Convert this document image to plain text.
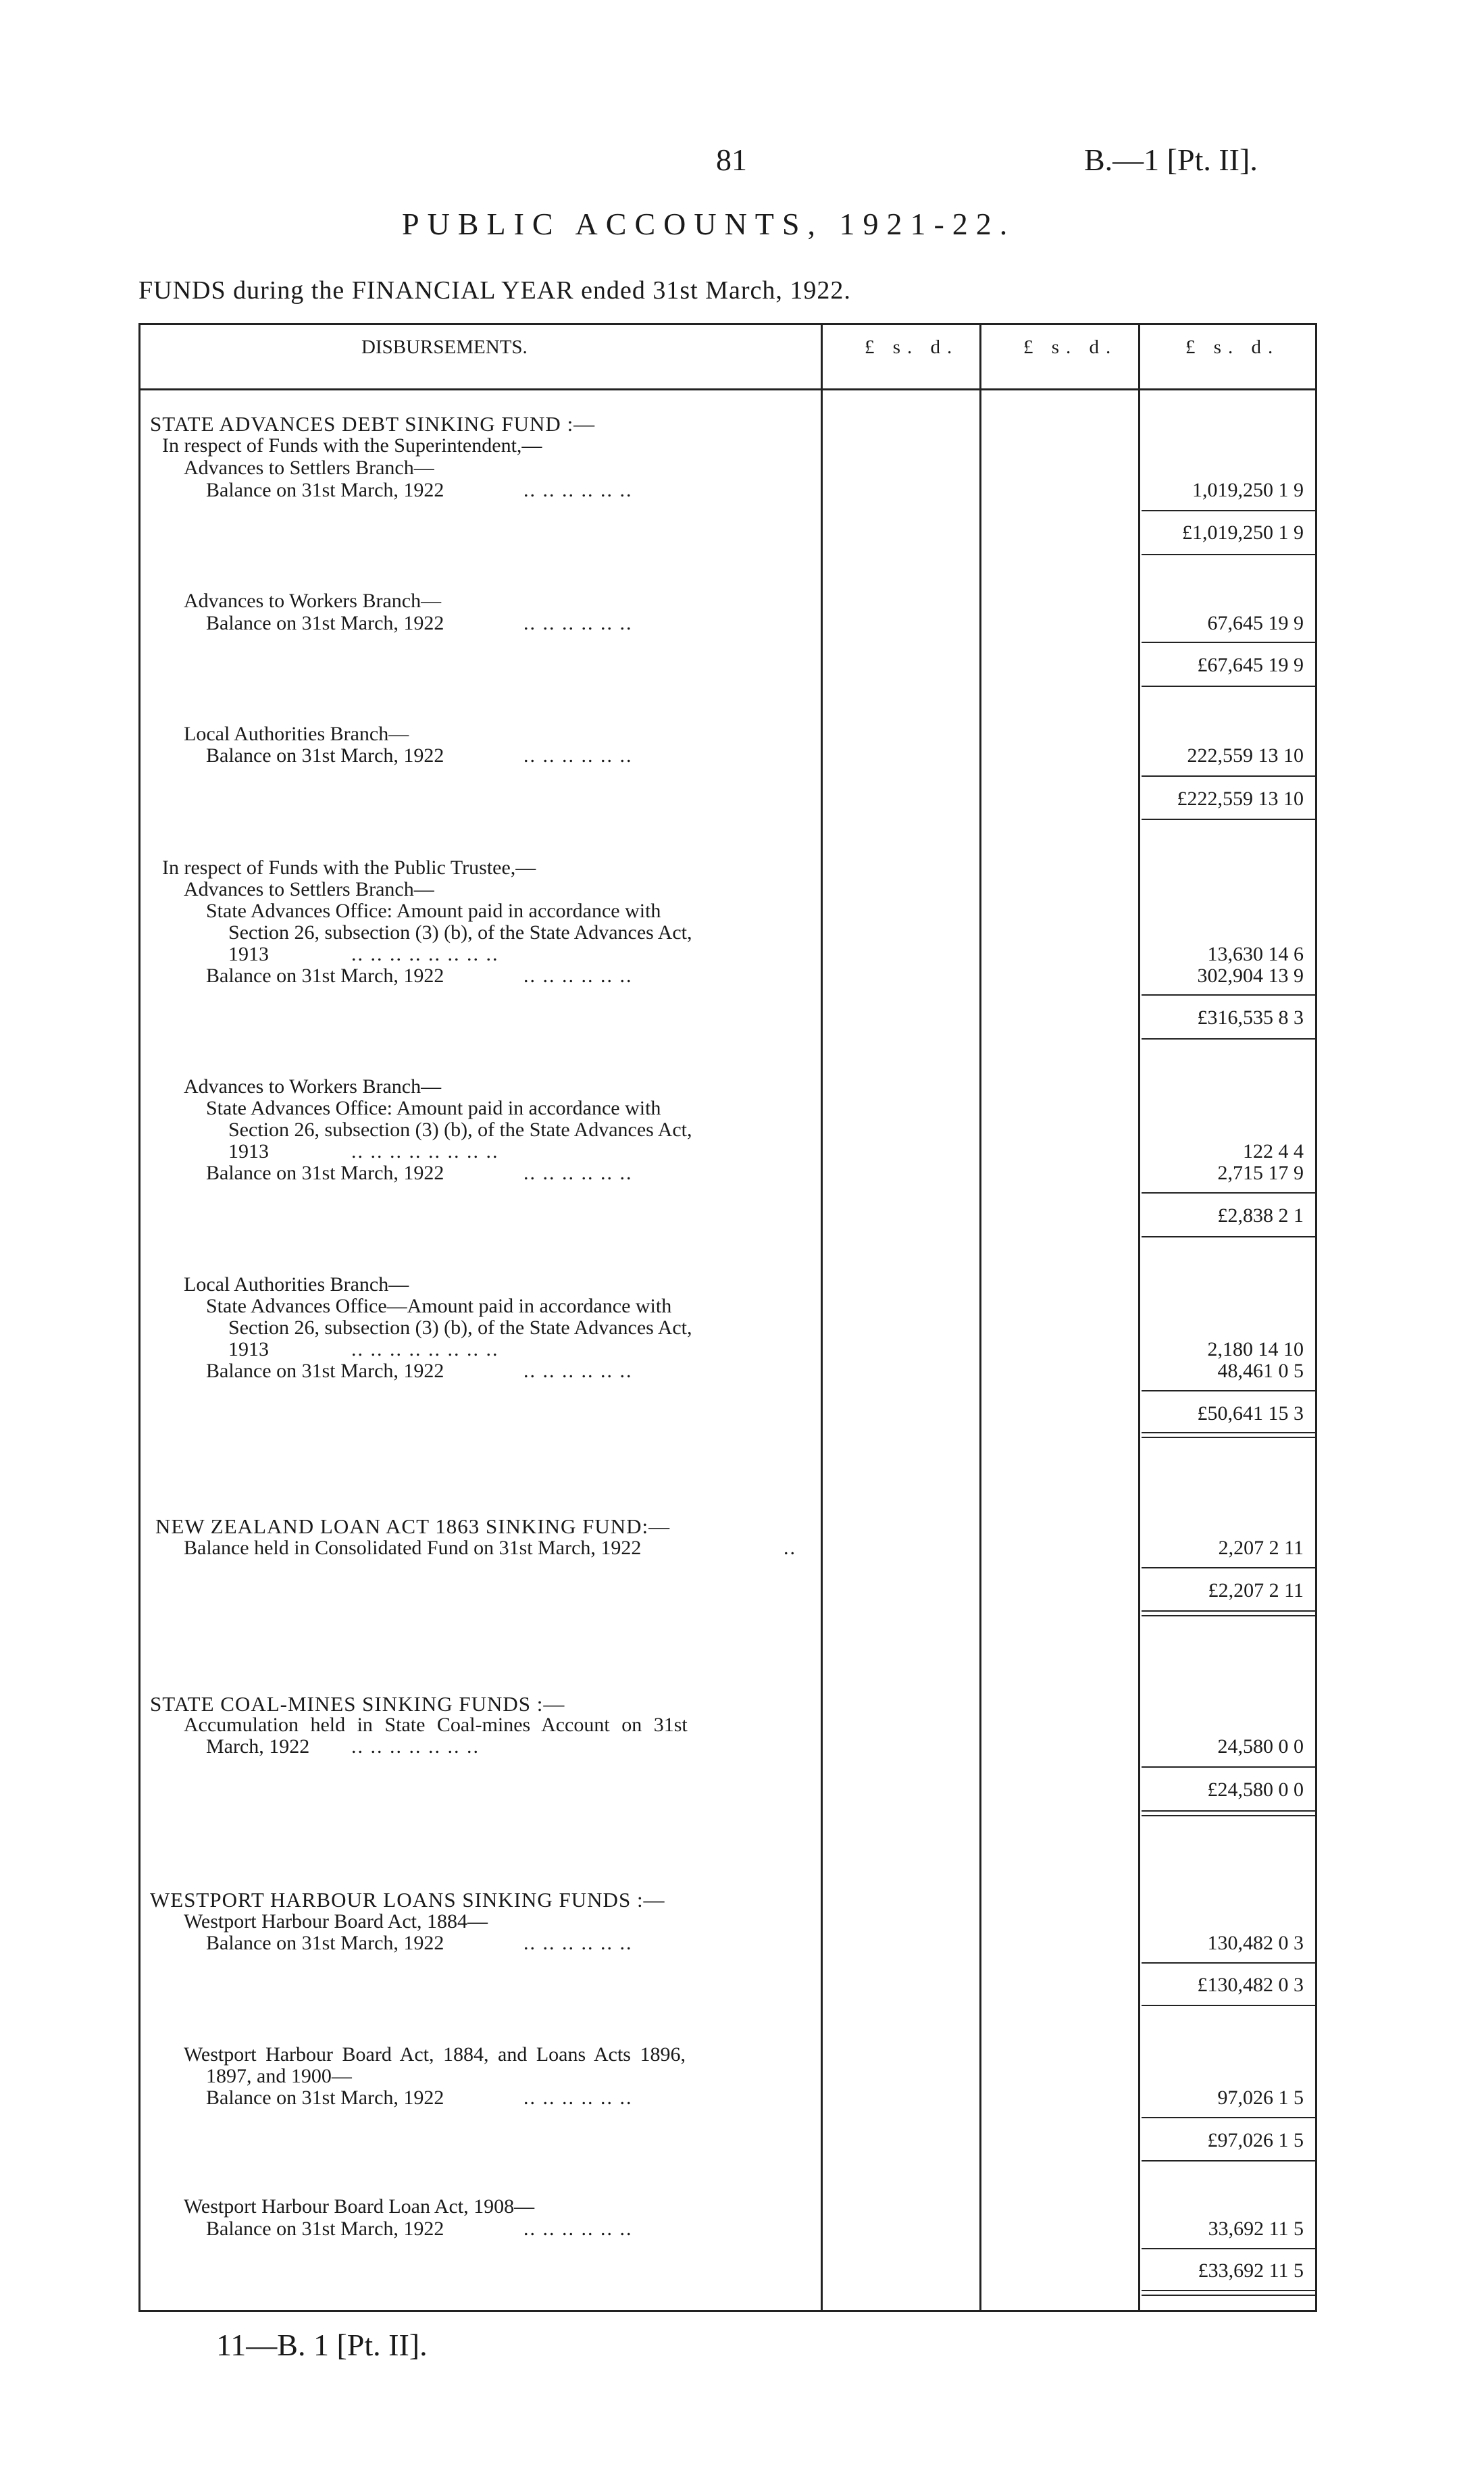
81	B.—1 [Pt. II].
PUBLIC ACCOUNTS, 1921-22.
FUNDS during the FINANCIAL YEAR ended 31st March, 1922.
DISBURSEMENTS.	£ s. d.	£ s. d.	£ s. d.
STATE ADVANCES DEBT SINKING FUND :—
In respect of Funds with the Superintendent,—
Advances to Settlers Branch—
Balance on 31st March, 1922	.. .. .. .. .. ..	1,019,250 1 9
£1,019,250 1 9
Advances to Workers Branch—
Balance on 31st March, 1922	.. .. .. .. .. ..	67,645 19 9
£67,645 19 9
Local Authorities Branch—
Balance on 31st March, 1922	.. .. .. .. .. ..	222,559 13 10
£222,559 13 10
In respect of Funds with the Public Trustee,—
Advances to Settlers Branch—
State Advances Office: Amount paid in accordance with
Section 26, subsection (3) (b), of the State Advances Act,
1913	.. .. .. .. .. .. .. ..	13,630 14 6
Balance on 31st March, 1922	.. .. .. .. .. ..	302,904 13 9
£316,535 8 3
Advances to Workers Branch—
State Advances Office: Amount paid in accordance with
Section 26, subsection (3) (b), of the State Advances Act,
1913	.. .. .. .. .. .. .. ..	122 4 4
Balance on 31st March, 1922	.. .. .. .. .. ..	2,715 17 9
£2,838 2 1
Local Authorities Branch—
State Advances Office—Amount paid in accordance with
Section 26, subsection (3) (b), of the State Advances Act,
1913	.. .. .. .. .. .. .. ..	2,180 14 10
Balance on 31st March, 1922	.. .. .. .. .. ..	48,461 0 5
£50,641 15 3
NEW ZEALAND LOAN ACT 1863 SINKING FUND:—
Balance held in Consolidated Fund on 31st March, 1922	..	2,207 2 11
£2,207 2 11
STATE COAL-MINES SINKING FUNDS :—
Accumulation held in State Coal-mines Account on 31st
March, 1922 .. .. .. .. .. .. ..	24,580 0 0
£24,580 0 0
WESTPORT HARBOUR LOANS SINKING FUNDS :—
Westport Harbour Board Act, 1884—
Balance on 31st March, 1922	.. .. .. .. .. ..	130,482 0 3
£130,482 0 3
Westport Harbour Board Act, 1884, and Loans Acts 1896,
1897, and 1900—
Balance on 31st March, 1922	.. .. .. .. .. ..	97,026 1 5
£97,026 1 5
Westport Harbour Board Loan Act, 1908—
Balance on 31st March, 1922	.. .. .. .. .. ..	33,692 11 5
£33,692 11 5
11—B. 1 [Pt. II].
